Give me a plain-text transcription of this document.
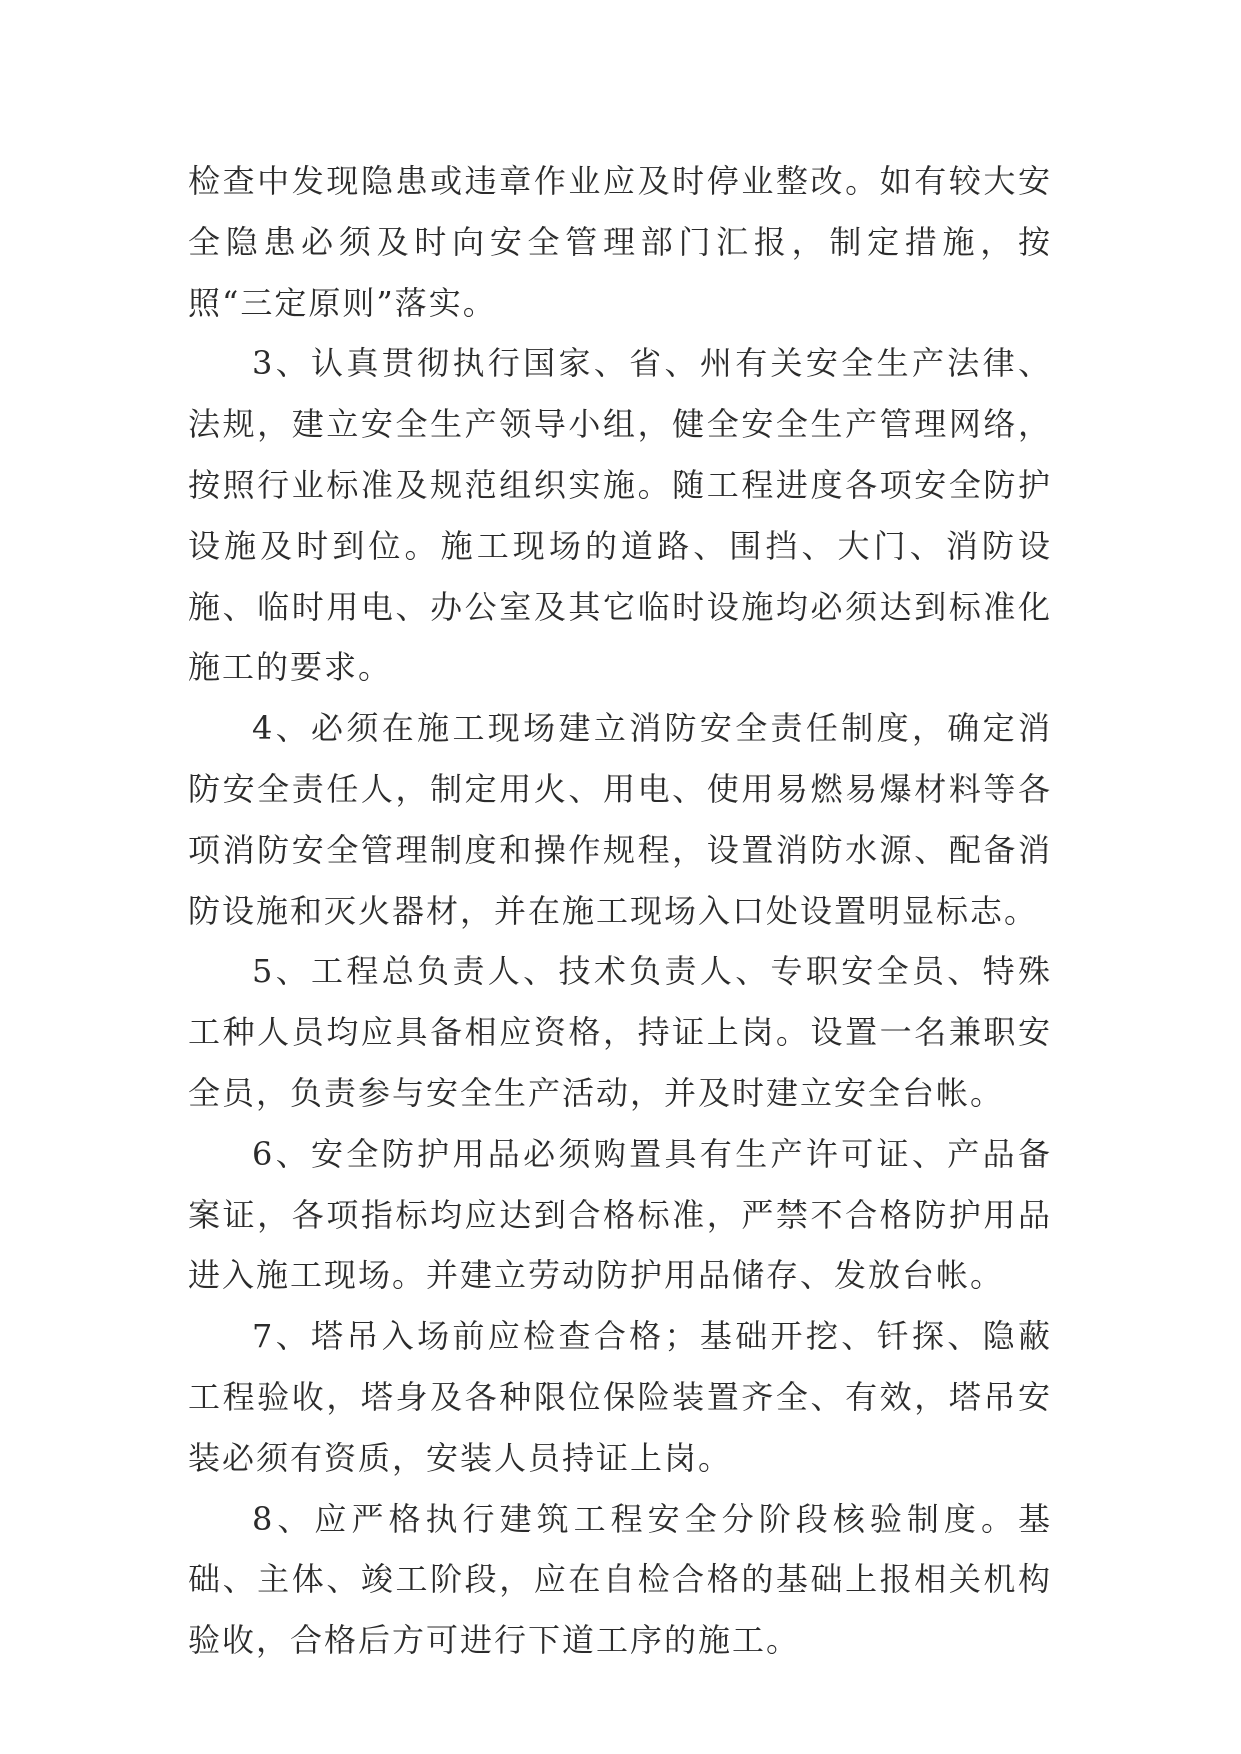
检查中发现隐患或违章作业应及时停业整改。如有较大安全隐患必须及时向安全管理部门汇报，制定措施，按照“三定原则”落实。

3、认真贯彻执行国家、省、州有关安全生产法律、法规，建立安全生产领导小组，健全安全生产管理网络，按照行业标准及规范组织实施。随工程进度各项安全防护设施及时到位。施工现场的道路、围挡、大门、消防设施、临时用电、办公室及其它临时设施均必须达到标准化施工的要求。

4、必须在施工现场建立消防安全责任制度，确定消防安全责任人，制定用火、用电、使用易燃易爆材料等各项消防安全管理制度和操作规程，设置消防水源、配备消防设施和灭火器材，并在施工现场入口处设置明显标志。

5、工程总负责人、技术负责人、专职安全员、特殊工种人员均应具备相应资格，持证上岗。设置一名兼职安全员，负责参与安全生产活动，并及时建立安全台帐。

6、安全防护用品必须购置具有生产许可证、产品备案证，各项指标均应达到合格标准，严禁不合格防护用品进入施工现场。并建立劳动防护用品储存、发放台帐。

7、塔吊入场前应检查合格；基础开挖、钎探、隐蔽工程验收，塔身及各种限位保险装置齐全、有效，塔吊安装必须有资质，安装人员持证上岗。

8、应严格执行建筑工程安全分阶段核验制度。基础、主体、竣工阶段，应在自检合格的基础上报相关机构验收，合格后方可进行下道工序的施工。
